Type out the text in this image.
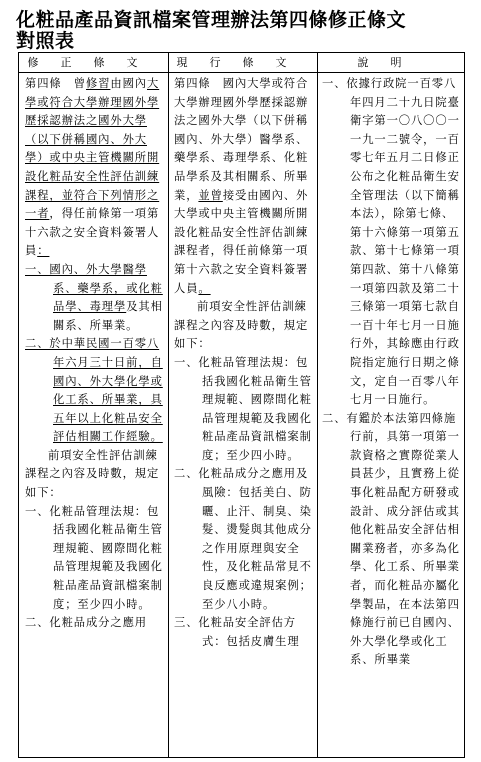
化粧品產品資訊檔案管理辦法第四條修正條文
對照表
修正條文	現行條文	說明

第四條　曾修習由國內大學或符合大學辦理國外學歷採認辦法之國外大學（以下併稱國內、外大學）或中央主管機關所開設化粧品安全性評估訓練課程，並符合下列情形之一者，得任前條第一項第十六款之安全資料簽署人員：

一、國內、外大學醫學系、藥學系，或化粧品學、毒理學及其相關系、所畢業。

二、於中華民國一百零八年六月三十日前，自國內、外大學化學或化工系、所畢業，具五年以上化粧品安全評估相關工作經驗。

前項安全性評估訓練課程之內容及時數，規定如下：

一、化粧品管理法規：包括我國化粧品衛生管理規範、國際間化粧品管理規範及我國化粧品產品資訊檔案制度；至少四小時。

二、化粧品成分之應用

第四條　國內大學或符合大學辦理國外學歷採認辦法之國外大學（以下併稱國內、外大學）醫學系、藥學系、毒理學系、化粧品學系及其相關系、所畢業，並曾接受由國內、外大學或中央主管機關所開設化粧品安全性評估訓練課程者，得任前條第一項第十六款之安全資料簽署人員。

前項安全性評估訓練課程之內容及時數，規定如下：

一、化粧品管理法規：包括我國化粧品衛生管理規範、國際間化粧品管理規範及我國化粧品產品資訊檔案制度；至少四小時。

二、化粧品成分之應用及風險：包括美白、防曬、止汗、制臭、染髮、燙髮與其他成分之作用原理與安全性，及化粧品常見不良反應或違規案例；至少八小時。

三、化粧品安全評估方式：包括皮膚生理

一、依據行政院一百零八年四月二十九日院臺衛字第一〇八〇〇一一九一二號令，一百零七年五月二日修正公布之化粧品衛生安全管理法（以下簡稱本法），除第七條、第十六條第一項第五款、第十七條第一項第四款、第十八條第一項第四款及第二十三條第一項第七款自一百十年七月一日施行外，其餘應由行政院指定施行日期之條文，定自一百零八年七月一日施行。

二、有鑑於本法第四條施行前，具第一項第一款資格之實際從業人員甚少，且實務上從事化粧品配方研發或設計、成分評估或其他化粧品安全評估相關業務者，亦多為化學、化工系、所畢業者，而化粧品亦屬化學製品，在本法第四條施行前已自國內、外大學化學或化工系、所畢業
